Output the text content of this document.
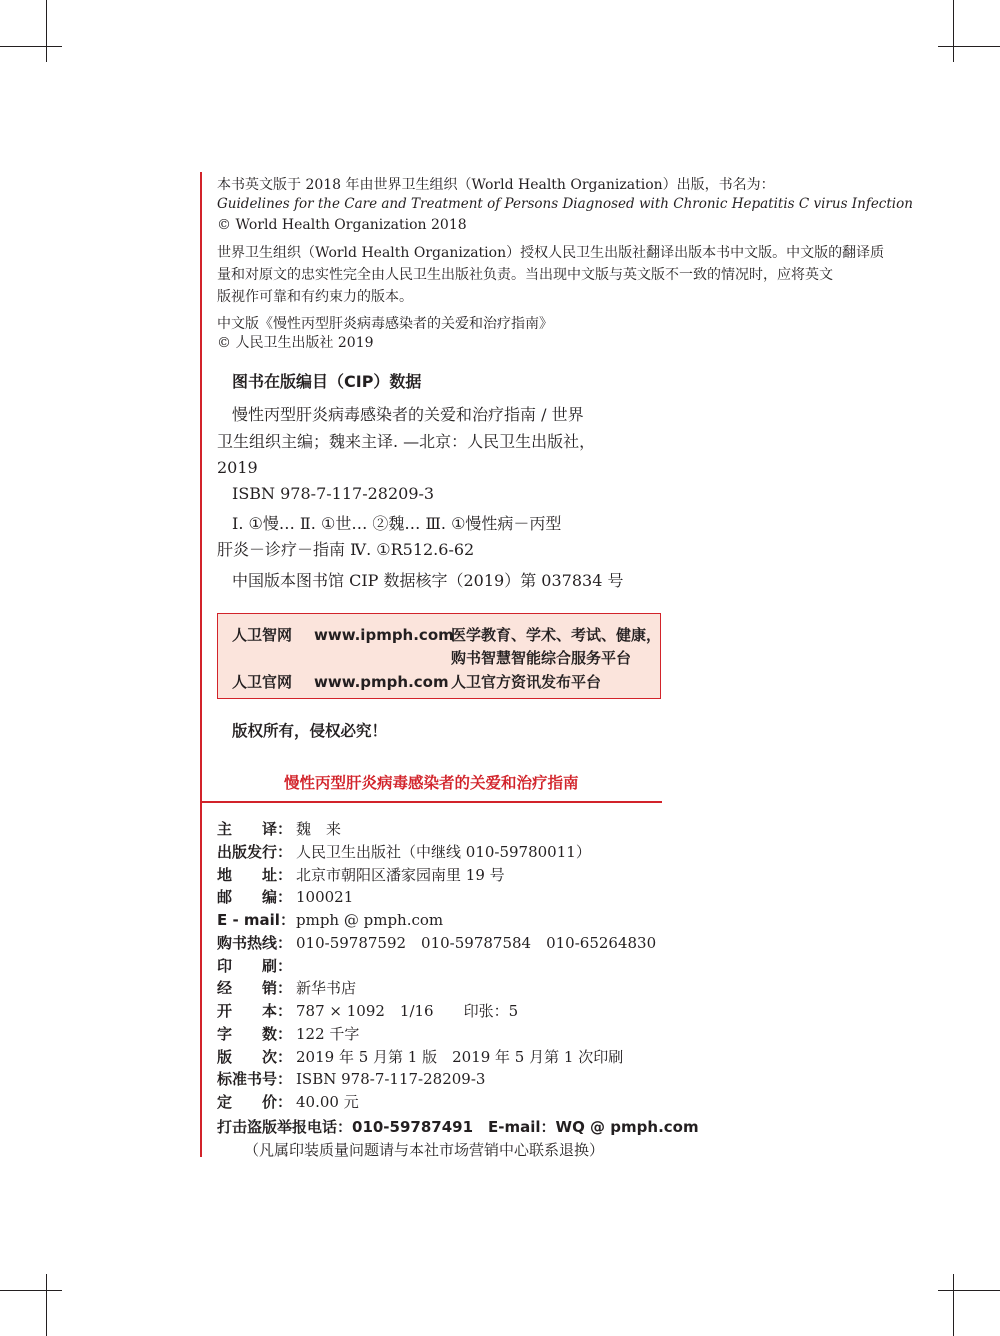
本书英文版于 2018 年由世界卫生组织（World Health Organization）出版，书名为：
Guidelines for the Care and Treatment of Persons Diagnosed with Chronic Hepatitis C virus Infection
© World Health Organization 2018
世界卫生组织（World Health Organization）授权人民卫生出版社翻译出版本书中文版。中文版的翻译质
量和对原文的忠实性完全由人民卫生出版社负责。当出现中文版与英文版不一致的情况时，应将英文
版视作可靠和有约束力的版本。
中文版《慢性丙型肝炎病毒感染者的关爱和治疗指南》
© 人民卫生出版社 2019
图书在版编目（CIP）数据
慢性丙型肝炎病毒感染者的关爱和治疗指南 / 世界
卫生组织主编；魏来主译. —北京：人民卫生出版社，
2019
ISBN 978-7-117-28209-3
Ⅰ. ①慢… Ⅱ. ①世… ②魏… Ⅲ. ①慢性病－丙型
肝炎－诊疗－指南 Ⅳ. ①R512.6-62
中国版本图书馆 CIP 数据核字（2019）第 037834 号
人卫智网 www.ipmph.com
医学教育、学术、考试、健康，
购书智慧智能综合服务平台
人卫官网 www.pmph.com 人卫官方资讯发布平台
版权所有，侵权必究！
慢性丙型肝炎病毒感染者的关爱和治疗指南
主　　译： 魏　来
出版发行： 人民卫生出版社（中继线 010-59780011）
地　　址： 北京市朝阳区潘家园南里 19 号
邮　　编： 100021
E - mail： pmph @ pmph.com
购书热线： 010-59787592　010-59787584　010-65264830
印　　刷：
经　　销： 新华书店
开　　本： 787 × 1092　1/16　　印张：5
字　　数： 122 千字
版　　次： 2019 年 5 月第 1 版　2019 年 5 月第 1 次印刷
标准书号： ISBN 978-7-117-28209-3
定　　价： 40.00 元
打击盗版举报电话：010-59787491　E-mail：WQ @ pmph.com
（凡属印装质量问题请与本社市场营销中心联系退换）
